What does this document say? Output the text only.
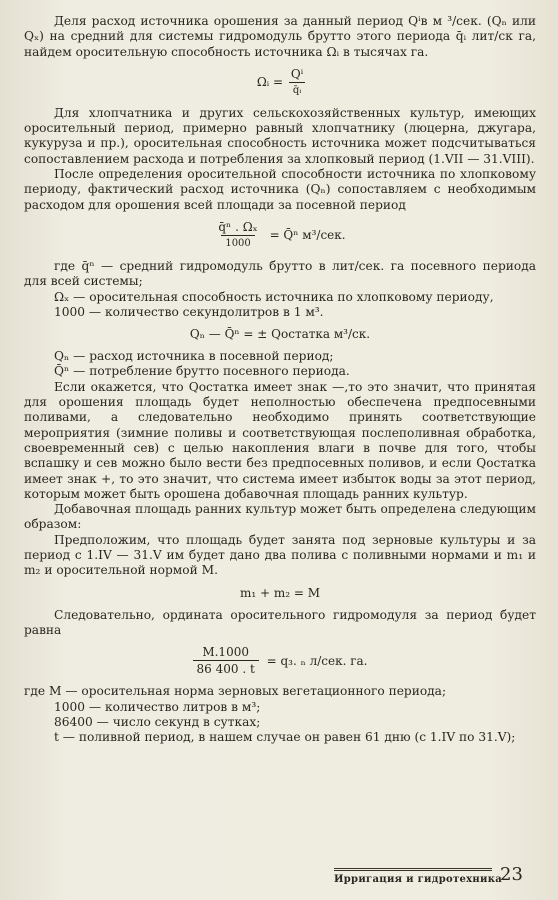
Деля расход источника орошения за данный период Qⁱв м ³/сек. (Qₙ или Qₓ) на средний для системы гидромодуль брутто этого периода q̄ᵢ лит/ск га, найдем оросительную способность источника Ωᵢ в тысячах га.

Ωᵢ = $\frac{\text{Qⁱ}}{\text{q̄ᵢ}}$

Для хлопчатника и других сельскохозяйственных культур, имеющих оросительный период, примерно равный хлопчатнику (люцерна, джугара, кукуруза и пр.), оросительная способность источника может подсчитываться сопоставлением расхода и потребления за хлопковый период (1.VII — 31.VIII).

После определения оросительной способности источника по хлопковому периоду, фактический расход источника (Qₙ) сопоставляем с необходимым расходом для орошения всей площади за посевной период

$\frac{\text{q̄ⁿ . Ωₓ}}{1000}$ = Q̄ⁿ м³/сек.

где q̄ⁿ — средний гидромодуль брутто в лит/сек. га посевного периода для всей системы;

Ωₓ — оросительная способность источника по хлопковому периоду,

1000 — количество секундолитров в 1 м³.

Qₙ — Q̄ⁿ = ± Qостатка м³/ск.

Qₙ — расход источника в посевной период;

Q̄ⁿ — потребление брутто посевного периода.

Если окажется, что Qостатка имеет знак —,то это значит, что принятая для орошения площадь будет неполностью обеспечена предпосевными поливами, а следовательно необходимо принять соответствующие мероприятия (зимние поливы и соответствующая послеполивная обработка, своевременный сев) с целью накопления влаги в почве для того, чтобы вспашку и сев можно было вести без предпосевных поливов, и если Qостатка имеет знак +, то это значит, что система имеет избыток воды за этот период, которым может быть орошена добавочная площадь ранних культур.

Добавочная площадь ранних культур может быть определена следующим образом:

Предположим, что площадь будет занята под зерновые культуры и за период с 1.IV — 31.V им будет дано два полива с поливными нормами и m₁ и m₂ и оросительной нормой М.

m₁ + m₂ = M

Следовательно, ордината оросительного гидромодуля за период будет равна

$\frac{M.1000}{86 400 . t} = q_3$. ₙ л/сек. га.

где М — оросительная норма зерновых вегетационного периода;

1000 — количество литров в м³;

86400 — число секунд в сутках;

t — поливной период, в нашем случае он равен 61 дню (с 1.IV по 31.V);

Ирригация и гидротехника
23
